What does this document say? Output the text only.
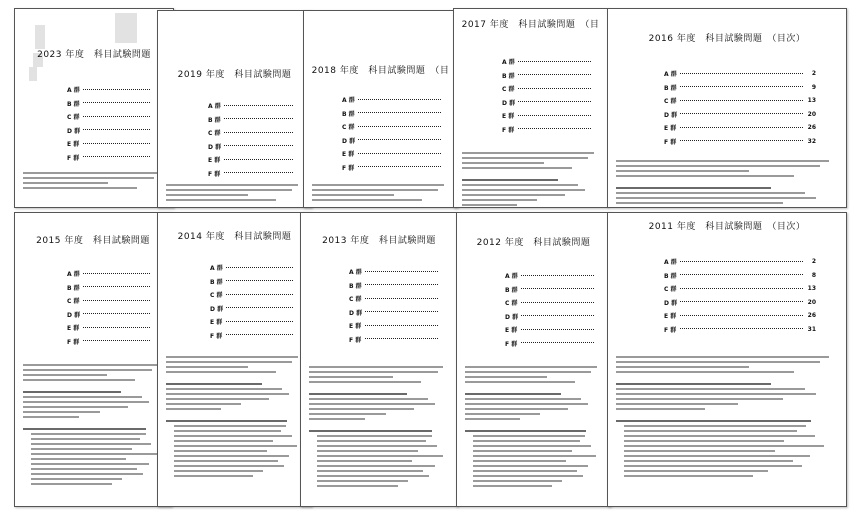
2023 年度　科目試験問題
A 群
B 群
C 群
D 群
E 群
F 群
2019 年度　科目試験問題
A 群
B 群
C 群
D 群
E 群
F 群
2018 年度　科目試験問題　（目
A 群
B 群
C 群
D 群
E 群
F 群
2017 年度　科目試験問題　（目
A 群
B 群
C 群
D 群
E 群
F 群
2016 年度　科目試験問題　（目次）
A 群	2
B 群	9
C 群	13
D 群	20
E 群	26
F 群	32
2015 年度　科目試験問題
A 群
B 群
C 群
D 群
E 群
F 群
2014 年度　科目試験問題
A 群
B 群
C 群
D 群
E 群
F 群
2013 年度　科目試験問題
A 群
B 群
C 群
D 群
E 群
F 群
2012 年度　科目試験問題
A 群
B 群
C 群
D 群
E 群
F 群
2011 年度　科目試験問題　（目次）
A 群	2
B 群	8
C 群	13
D 群	20
E 群	26
F 群	31
